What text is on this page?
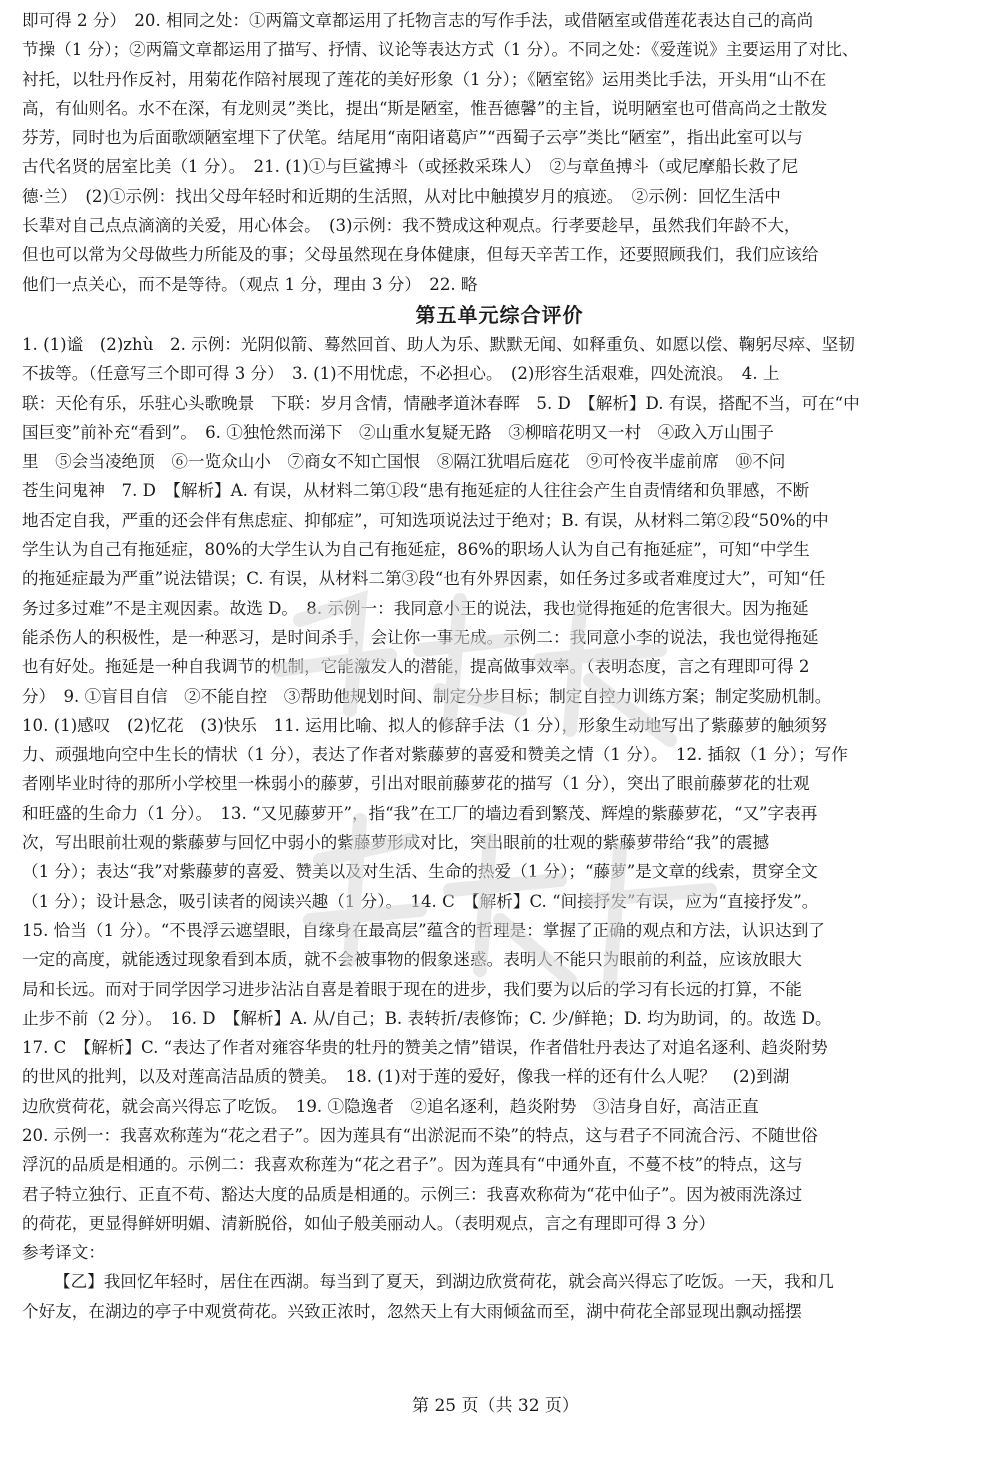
即可得 2 分）　20. 相同之处：①两篇文章都运用了托物言志的写作手法，或借陋室或借莲花表达自己的高尚

节操（1 分）；②两篇文章都运用了描写、抒情、议论等表达方式（1 分）。不同之处：《爱莲说》主要运用了对比、

衬托，以牡丹作反衬，用菊花作陪衬展现了莲花的美好形象（1 分）；《陋室铭》运用类比手法，开头用“山不在

高，有仙则名。水不在深，有龙则灵”类比，提出“斯是陋室，惟吾德馨”的主旨，说明陋室也可借高尚之士散发

芬芳，同时也为后面歌颂陋室埋下了伏笔。结尾用“南阳诸葛庐”“西蜀子云亭”类比“陋室”，指出此室可以与

古代名贤的居室比美（1 分）。　21. (1)①与巨鲨搏斗（或拯救采珠人）　②与章鱼搏斗（或尼摩船长救了尼

德·兰）　(2)①示例：找出父母年轻时和近期的生活照，从对比中触摸岁月的痕迹。　②示例：回忆生活中

长辈对自己点点滴滴的关爱，用心体会。　(3)示例：我不赞成这种观点。行孝要趁早，虽然我们年龄不大，

但也可以常为父母做些力所能及的事；父母虽然现在身体健康，但每天辛苦工作，还要照顾我们，我们应该给

他们一点关心，而不是等待。（观点 1 分，理由 3 分）　22. 略

第五单元综合评价

1. (1)谧　(2)zhù　2. 示例：光阴似箭、蓦然回首、助人为乐、默默无闻、如释重负、如愿以偿、鞠躬尽瘁、坚韧

不拔等。（任意写三个即可得 3 分）　3. (1)不用忧虑，不必担心。　(2)形容生活艰难，四处流浪。　4. 上

联：天伦有乐，乐驻心头歌晚景　下联：岁月含情，情融孝道沐春晖　5. D　【解析】D. 有误，搭配不当，可在“中

国巨变”前补充“看到”。　6. ①独怆然而涕下　②山重水复疑无路　③柳暗花明又一村　④政入万山围子

里　⑤会当凌绝顶　⑥一览众山小　⑦商女不知亡国恨　⑧隔江犹唱后庭花　⑨可怜夜半虚前席　⑩不问

苍生问鬼神　7. D　【解析】A. 有误，从材料二第①段“患有拖延症的人往往会产生自责情绪和负罪感，不断

地否定自我，严重的还会伴有焦虑症、抑郁症”，可知选项说法过于绝对；B. 有误，从材料二第②段“50%的中

学生认为自己有拖延症，80%的大学生认为自己有拖延症，86%的职场人认为自己有拖延症”，可知“中学生

的拖延症最为严重”说法错误；C. 有误，从材料二第③段“也有外界因素，如任务过多或者难度过大”，可知“任

务过多过难”不是主观因素。故选 D。　8. 示例一：我同意小王的说法，我也觉得拖延的危害很大。因为拖延

能杀伤人的积极性，是一种恶习，是时间杀手，会让你一事无成。示例二：我同意小李的说法，我也觉得拖延

也有好处。拖延是一种自我调节的机制，它能激发人的潜能，提高做事效率。（表明态度，言之有理即可得 2

分）　9. ①盲目自信　②不能自控　③帮助他规划时间、制定分步目标；制定自控力训练方案；制定奖励机制。

10. (1)感叹　(2)忆花　(3)快乐　11. 运用比喻、拟人的修辞手法（1 分），形象生动地写出了紫藤萝的触须努

力、顽强地向空中生长的情状（1 分），表达了作者对紫藤萝的喜爱和赞美之情（1 分）。　12. 插叙（1 分）；写作

者刚毕业时待的那所小学校里一株弱小的藤萝，引出对眼前藤萝花的描写（1 分），突出了眼前藤萝花的壮观

和旺盛的生命力（1 分）。　13. “又见藤萝开”，指“我”在工厂的墙边看到繁茂、辉煌的紫藤萝花，“又”字表再

次，写出眼前壮观的紫藤萝与回忆中弱小的紫藤萝形成对比，突出眼前的壮观的紫藤萝带给“我”的震撼

（1 分）；表达“我”对紫藤萝的喜爱、赞美以及对生活、生命的热爱（1 分）；“藤萝”是文章的线索，贯穿全文

（1 分）；设计悬念，吸引读者的阅读兴趣（1 分）。　14. C　【解析】C. “间接抒发”有误，应为“直接抒发”。

15. 恰当（1 分）。“不畏浮云遮望眼，自缘身在最高层”蕴含的哲理是：掌握了正确的观点和方法，认识达到了

一定的高度，就能透过现象看到本质，就不会被事物的假象迷惑。表明人不能只为眼前的利益，应该放眼大

局和长远。而对于同学因学习进步沾沾自喜是着眼于现在的进步，我们要为以后的学习有长远的打算，不能

止步不前（2 分）。　16. D　【解析】A. 从/自己；B. 表转折/表修饰；C. 少/鲜艳；D. 均为助词，的。故选 D。

17. C　【解析】C. “表达了作者对雍容华贵的牡丹的赞美之情”错误，作者借牡丹表达了对追名逐利、趋炎附势

的世风的批判，以及对莲高洁品质的赞美。　18. (1)对于莲的爱好，像我一样的还有什么人呢？　(2)到湖

边欣赏荷花，就会高兴得忘了吃饭。　19. ①隐逸者　②追名逐利，趋炎附势　③洁身自好，高洁正直

20. 示例一：我喜欢称莲为“花之君子”。因为莲具有“出淤泥而不染”的特点，这与君子不同流合污、不随世俗

浮沉的品质是相通的。示例二：我喜欢称莲为“花之君子”。因为莲具有“中通外直，不蔓不枝”的特点，这与

君子特立独行、正直不苟、豁达大度的品质是相通的。示例三：我喜欢称荷为“花中仙子”。因为被雨洗涤过

的荷花，更显得鲜妍明媚、清新脱俗，如仙子般美丽动人。（表明观点，言之有理即可得 3 分）

参考译文：

【乙】我回忆年轻时，居住在西湖。每当到了夏天，到湖边欣赏荷花，就会高兴得忘了吃饭。一天，我和几

个好友，在湖边的亭子中观赏荷花。兴致正浓时，忽然天上有大雨倾盆而至，湖中荷花全部显现出飘动摇摆

第 25 页（共 32 页）
